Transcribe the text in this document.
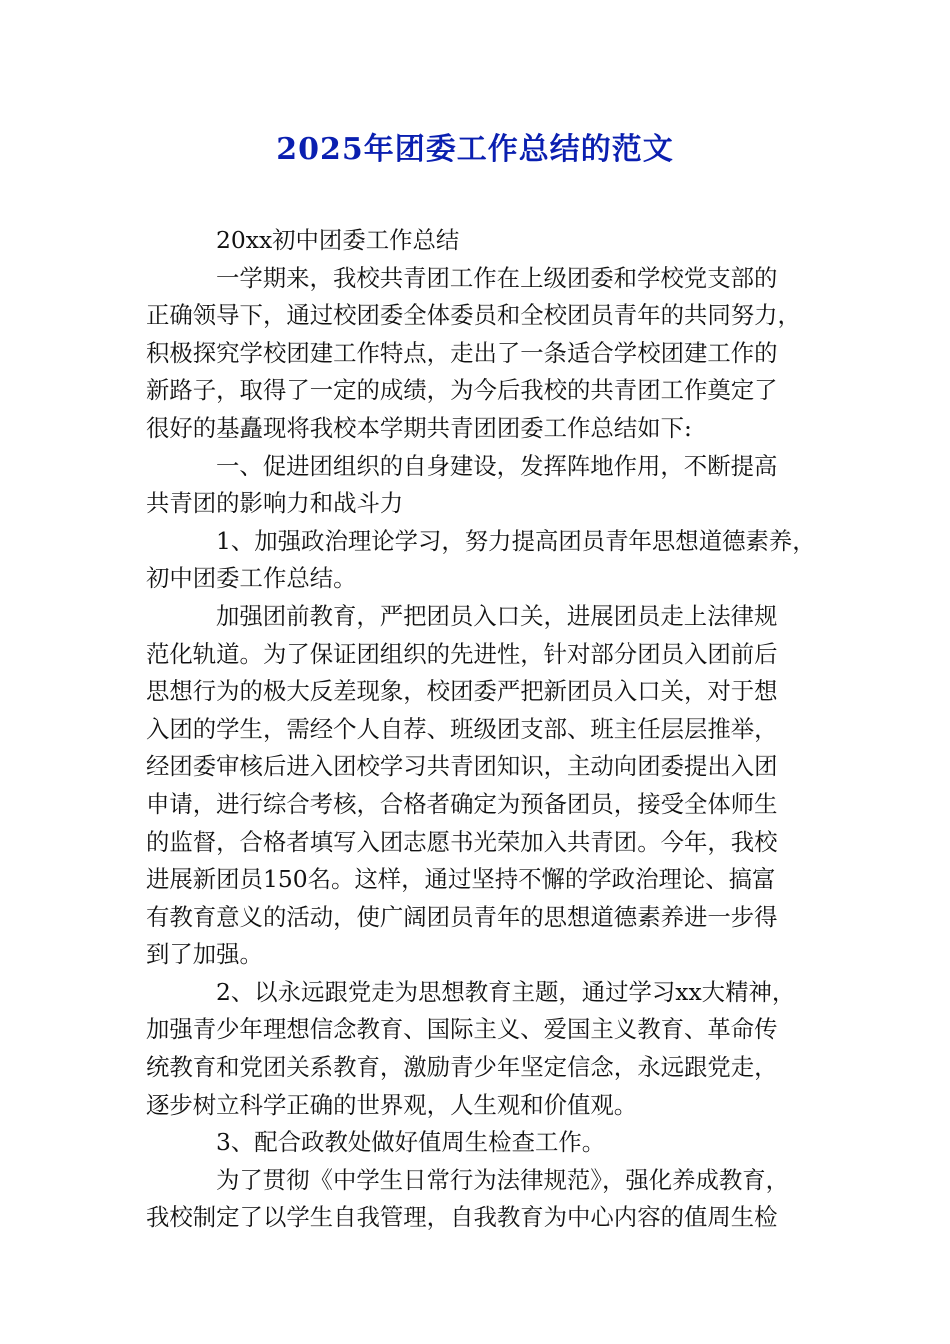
2025年团委工作总结的范文
20xx初中团委工作总结
一学期来，我校共青团工作在上级团委和学校党支部的
正确领导下，通过校团委全体委员和全校团员青年的共同努力，
积极探究学校团建工作特点，走出了一条适合学校团建工作的
新路子，取得了一定的成绩，为今后我校的共青团工作奠定了
很好的基矗现将我校本学期共青团团委工作总结如下:
一、促进团组织的自身建设，发挥阵地作用，不断提高
共青团的影响力和战斗力
1、加强政治理论学习，努力提高团员青年思想道德素养，
初中团委工作总结。
加强团前教育，严把团员入口关，进展团员走上法律规
范化轨道。为了保证团组织的先进性，针对部分团员入团前后
思想行为的极大反差现象，校团委严把新团员入口关，对于想
入团的学生，需经个人自荐、班级团支部、班主任层层推举，
经团委审核后进入团校学习共青团知识，主动向团委提出入团
申请，进行综合考核，合格者确定为预备团员，接受全体师生
的监督，合格者填写入团志愿书光荣加入共青团。今年，我校
进展新团员150名。这样，通过坚持不懈的学政治理论、搞富
有教育意义的活动，使广阔团员青年的思想道德素养进一步得
到了加强。
2、以永远跟党走为思想教育主题，通过学习xx大精神，
加强青少年理想信念教育、国际主义、爱国主义教育、革命传
统教育和党团关系教育，激励青少年坚定信念，永远跟党走，
逐步树立科学正确的世界观，人生观和价值观。
3、配合政教处做好值周生检查工作。
为了贯彻《中学生日常行为法律规范》，强化养成教育，
我校制定了以学生自我管理，自我教育为中心内容的值周生检
